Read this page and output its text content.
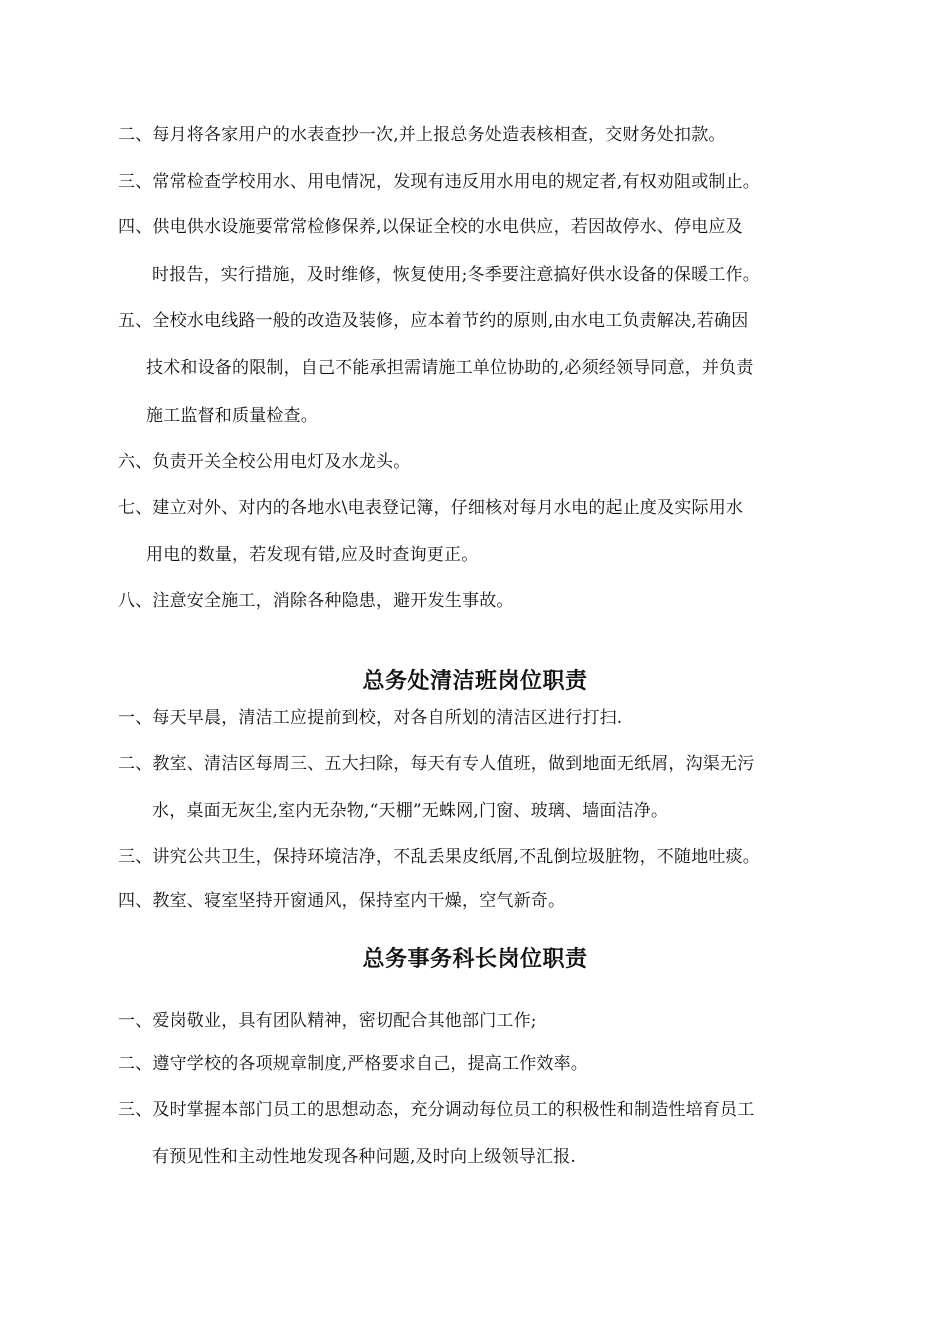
二、每月将各家用户的水表查抄一次,并上报总务处造表核相查，交财务处扣款。
三、常常检查学校用水、用电情况，发现有违反用水用电的规定者,有权劝阻或制止。
四、供电供水设施要常常检修保养,以保证全校的水电供应，若因故停水、停电应及
时报告，实行措施，及时维修，恢复使用;冬季要注意搞好供水设备的保暖工作。
五、全校水电线路一般的改造及装修，应本着节约的原则,由水电工负责解决,若确因
技术和设备的限制，自己不能承担需请施工单位协助的,必须经领导同意，并负责
施工监督和质量检查。
六、负责开关全校公用电灯及水龙头。
七、建立对外、对内的各地水\电表登记簿，仔细核对每月水电的起止度及实际用水
用电的数量，若发现有错,应及时查询更正。
八、注意安全施工，消除各种隐患，避开发生事故。
总务处清洁班岗位职责
一、每天早晨，清洁工应提前到校，对各自所划的清洁区进行打扫.
二、教室、清洁区每周三、五大扫除，每天有专人值班，做到地面无纸屑，沟渠无污
水，桌面无灰尘,室内无杂物,“天棚”无蛛网,门窗、玻璃、墙面洁净。
三、讲究公共卫生，保持环境洁净，不乱丢果皮纸屑,不乱倒垃圾脏物，不随地吐痰。
四、教室、寝室坚持开窗通风，保持室内干燥，空气新奇。
总务事务科长岗位职责
一、爱岗敬业，具有团队精神，密切配合其他部门工作;
二、遵守学校的各项规章制度,严格要求自己，提高工作效率。
三、及时掌握本部门员工的思想动态，充分调动每位员工的积极性和制造性培育员工
有预见性和主动性地发现各种问题,及时向上级领导汇报.
